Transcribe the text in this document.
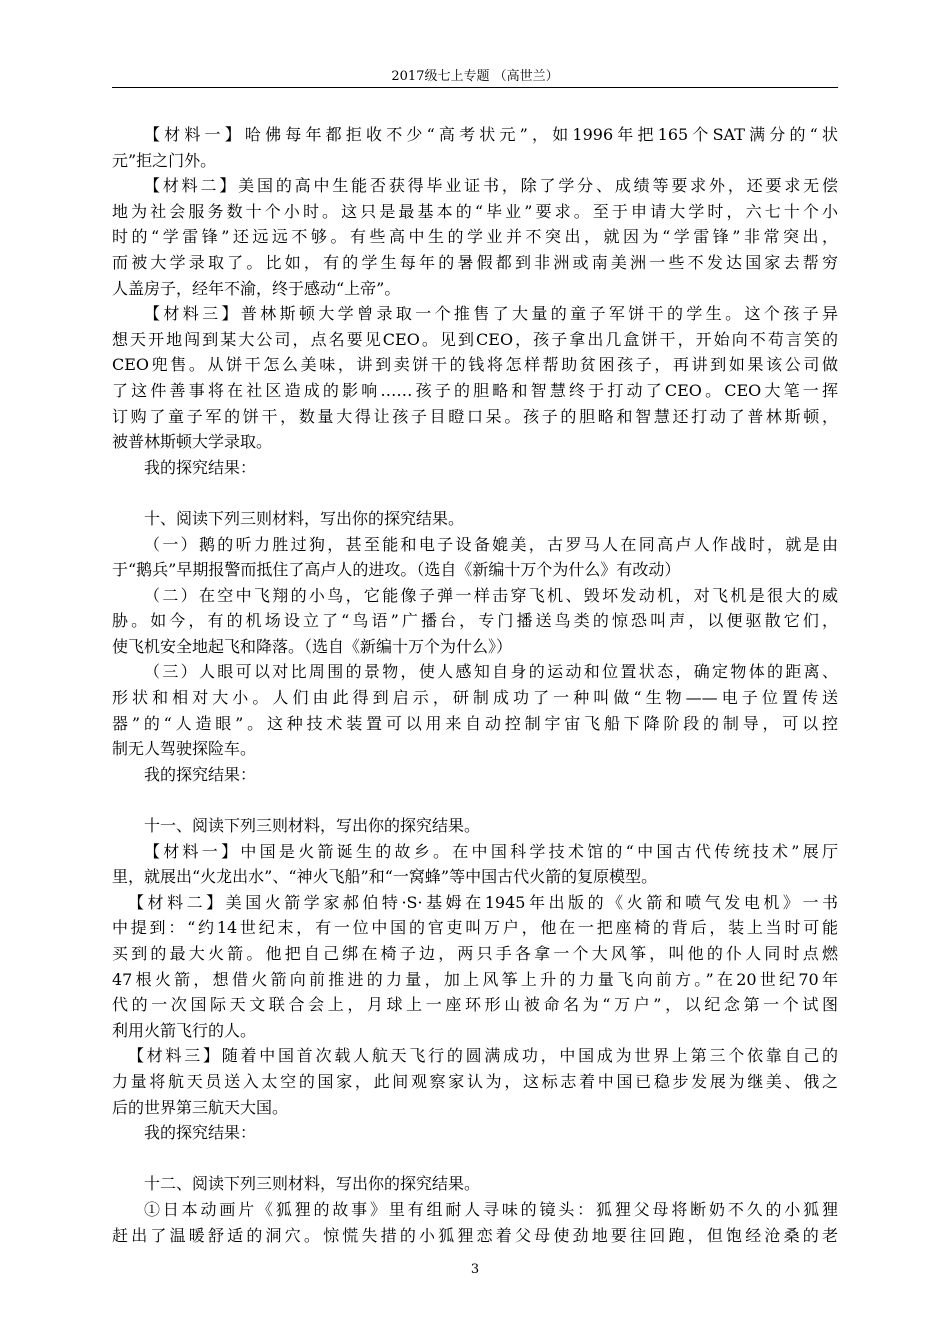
2017级七上专题 （高世兰）
【材料一】哈佛每年都拒收不少“高考状元”，如1996年把165个SAT满分的“状
元”拒之门外。
【材料二】美国的高中生能否获得毕业证书，除了学分、成绩等要求外，还要求无偿
地为社会服务数十个小时。这只是最基本的“毕业”要求。至于申请大学时，六七十个小
时的“学雷锋”还远远不够。有些高中生的学业并不突出，就因为“学雷锋”非常突出，
而被大学录取了。比如，有的学生每年的暑假都到非洲或南美洲一些不发达国家去帮穷
人盖房子，经年不渝，终于感动“上帝”。
【材料三】普林斯顿大学曾录取一个推售了大量的童子军饼干的学生。这个孩子异
想天开地闯到某大公司，点名要见CEO。见到CEO，孩子拿出几盒饼干，开始向不苟言笑的
CEO兜售。从饼干怎么美味，讲到卖饼干的钱将怎样帮助贫困孩子，再讲到如果该公司做
了这件善事将在社区造成的影响……孩子的胆略和智慧终于打动了CEO。CEO大笔一挥
订购了童子军的饼干，数量大得让孩子目瞪口呆。孩子的胆略和智慧还打动了普林斯顿，
被普林斯顿大学录取。
我的探究结果：
十、阅读下列三则材料，写出你的探究结果。
（一）鹅的听力胜过狗，甚至能和电子设备媲美，古罗马人在同高卢人作战时，就是由
于“鹅兵”早期报警而抵住了高卢人的进攻。（选自《新编十万个为什么》有改动）
（二）在空中飞翔的小鸟，它能像子弹一样击穿飞机、毁坏发动机，对飞机是很大的威
胁。如今，有的机场设立了“鸟语”广播台，专门播送鸟类的惊恐叫声，以便驱散它们，
使飞机安全地起飞和降落。（选自《新编十万个为什么》）
（三）人眼可以对比周围的景物，使人感知自身的运动和位置状态，确定物体的距离、
形状和相对大小。人们由此得到启示，研制成功了一种叫做“生物——电子位置传送
器”的“人造眼”。这种技术装置可以用来自动控制宇宙飞船下降阶段的制导，可以控
制无人驾驶探险车。
我的探究结果：
十一、阅读下列三则材料，写出你的探究结果。
【材料一】中国是火箭诞生的故乡。在中国科学技术馆的“中国古代传统技术”展厅
里，就展出“火龙出水”、“神火飞船”和“一窝蜂”等中国古代火箭的复原模型。
【材料二】美国火箭学家郝伯特·S·基姆在1945年出版的《火箭和喷气发电机》一书
中提到：“约14世纪末，有一位中国的官吏叫万户，他在一把座椅的背后，装上当时可能
买到的最大火箭。他把自己绑在椅子边，两只手各拿一个大风筝，叫他的仆人同时点燃
47根火箭，想借火箭向前推进的力量，加上风筝上升的力量飞向前方。”在20世纪70年
代的一次国际天文联合会上，月球上一座环形山被命名为“万户”，以纪念第一个试图
利用火箭飞行的人。
【材料三】随着中国首次载人航天飞行的圆满成功，中国成为世界上第三个依靠自己的
力量将航天员送入太空的国家，此间观察家认为，这标志着中国已稳步发展为继美、俄之
后的世界第三航天大国。
我的探究结果：
十二、阅读下列三则材料，写出你的探究结果。
①日本动画片《狐狸的故事》里有组耐人寻味的镜头：狐狸父母将断奶不久的小狐狸
赶出了温暖舒适的洞穴。惊慌失措的小狐狸恋着父母使劲地要往回跑，但饱经沧桑的老
3
